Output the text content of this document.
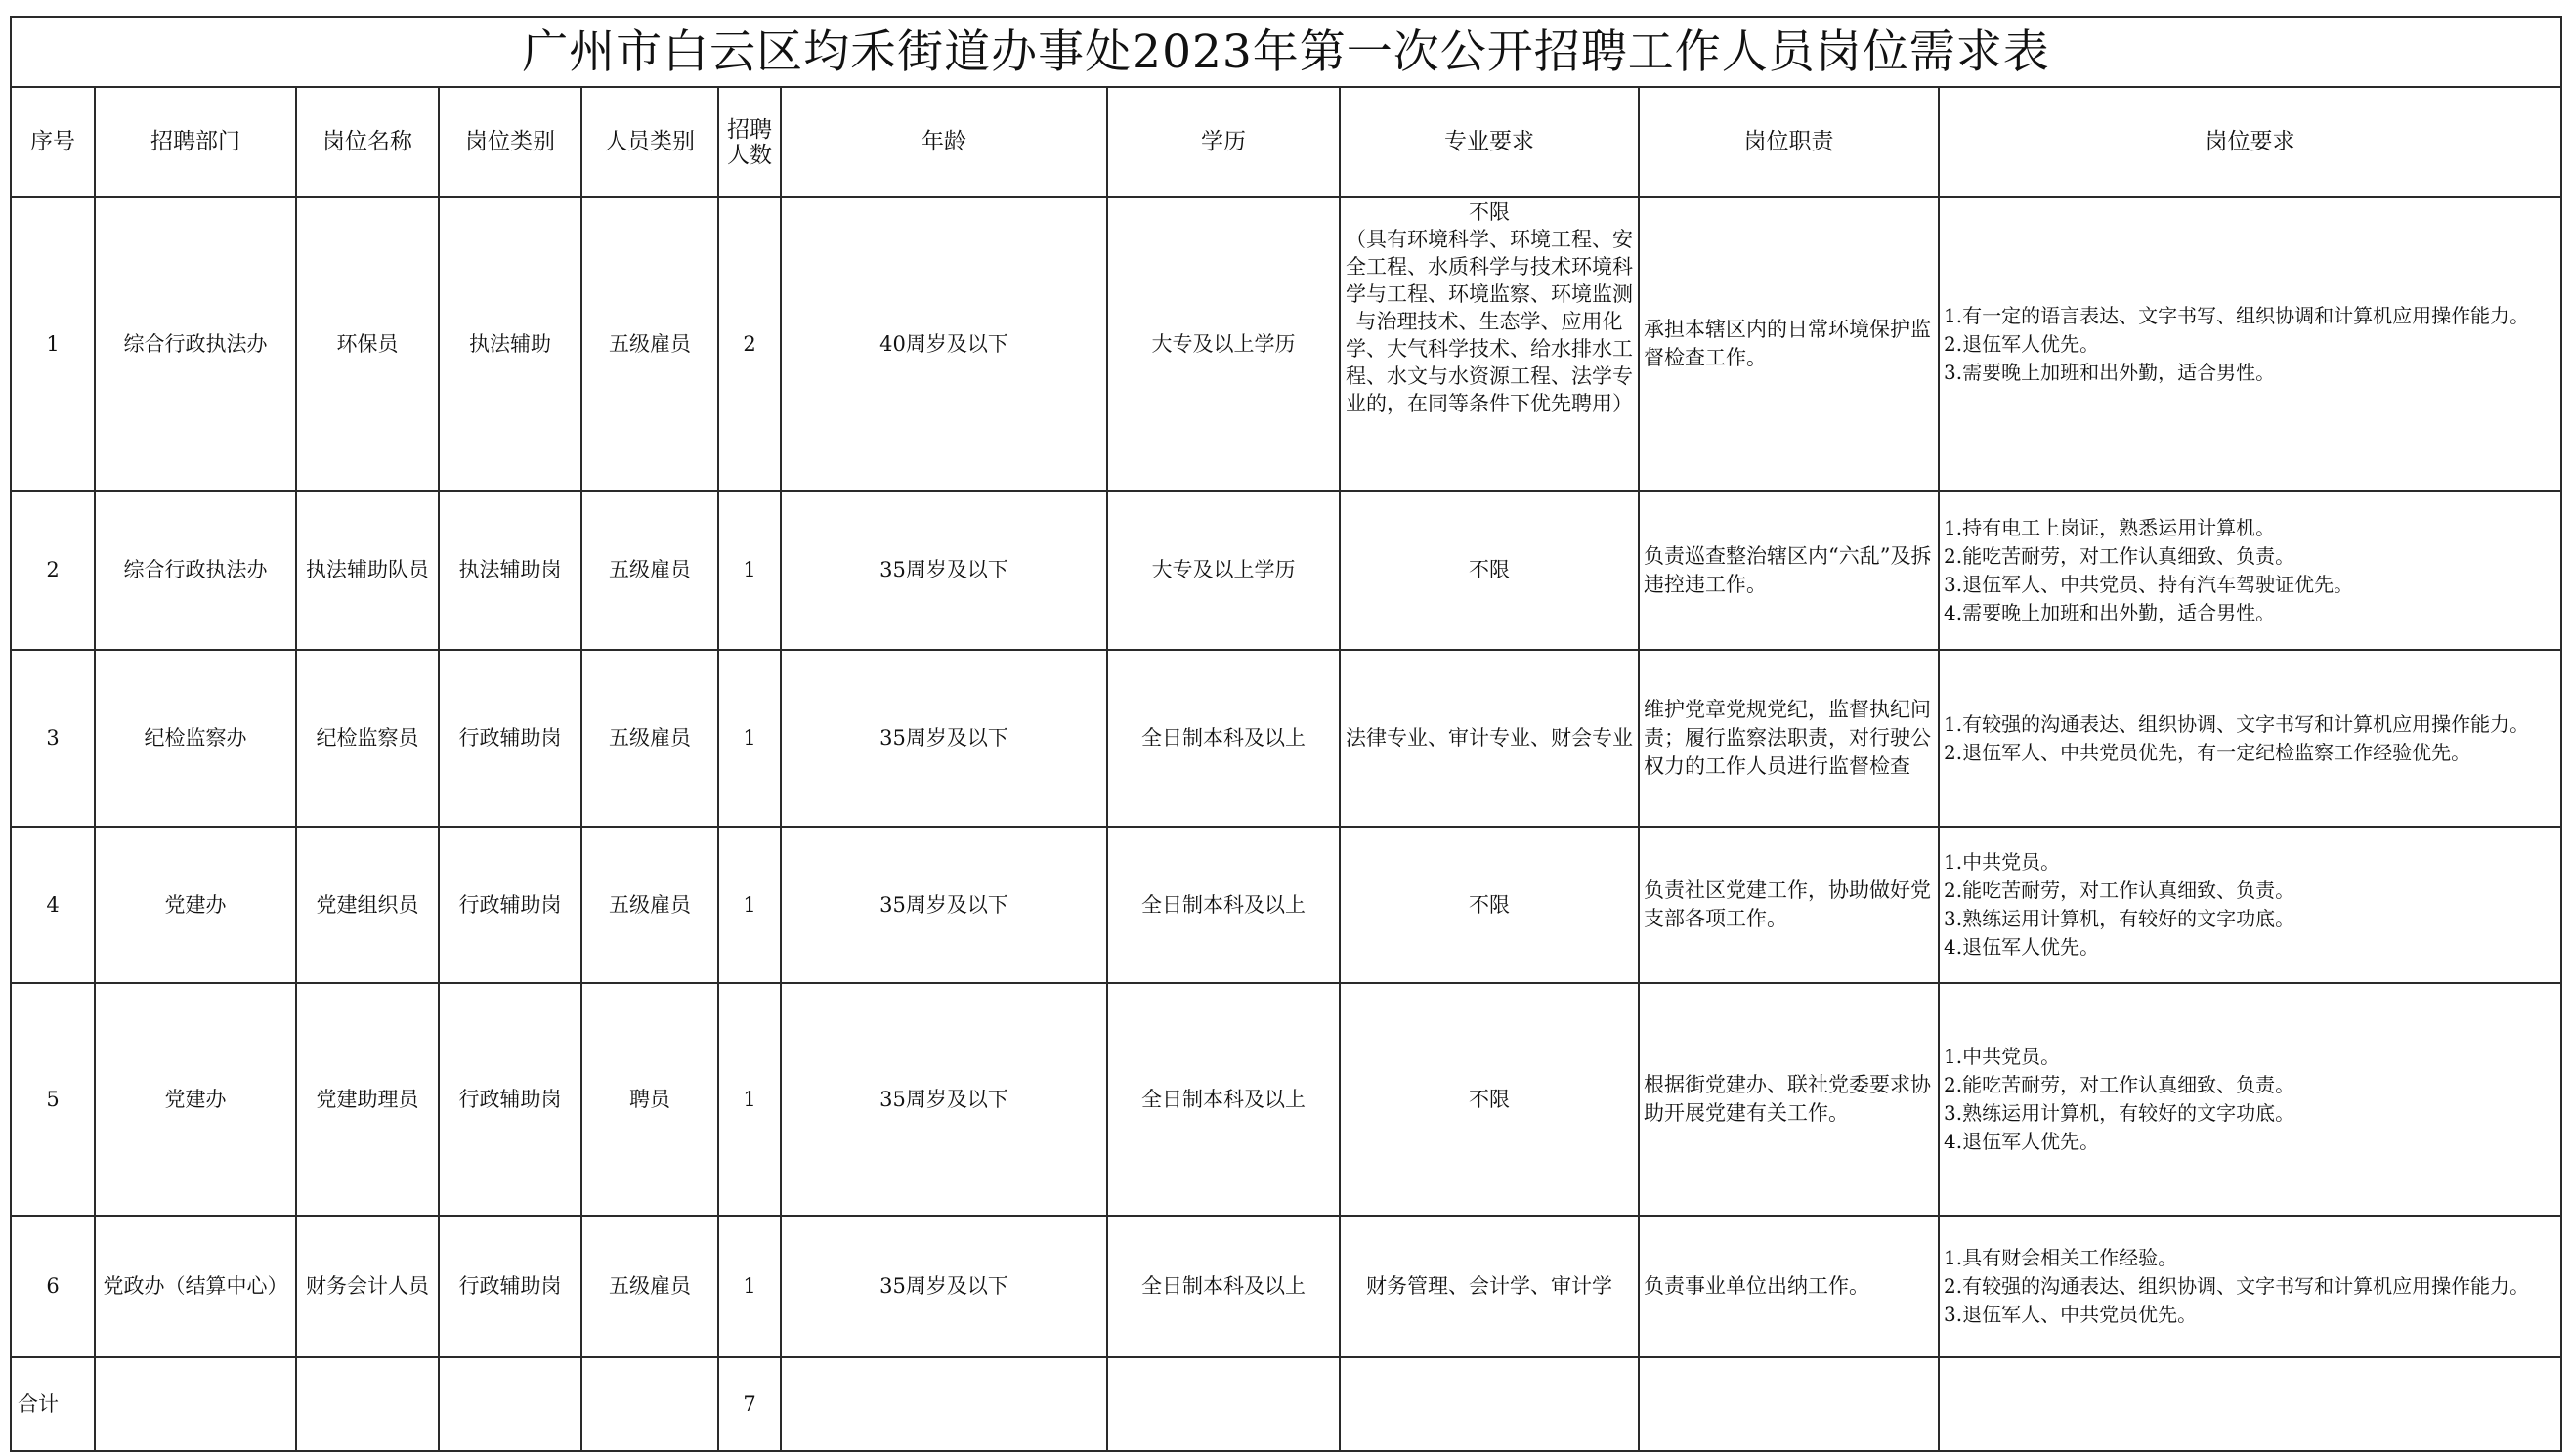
广州市白云区均禾街道办事处2023年第一次公开招聘工作人员岗位需求表										
序号	招聘部门	岗位名称	岗位类别	人员类别	招聘人数	年龄	学历	专业要求	岗位职责	岗位要求
1	综合行政执法办	环保员	执法辅助	五级雇员	2	40周岁及以下	大专及以上学历	不限
（具有环境科学、环境工程、安全工程、水质科学与技术环境科学与工程、环境监察、环境监测与治理技术、生态学、应用化学、大气科学技术、给水排水工程、水文与水资源工程、法学专业的，在同等条件下优先聘用）	承担本辖区内的日常环境保护监督检查工作。	1.有一定的语言表达、文字书写、组织协调和计算机应用操作能力。
2.退伍军人优先。
3.需要晚上加班和出外勤，适合男性。

2	综合行政执法办	执法辅助队员	执法辅助岗	五级雇员	1	35周岁及以下	大专及以上学历	不限	负责巡查整治辖区内“六乱”及拆违控违工作。	1.持有电工上岗证，熟悉运用计算机。
2.能吃苦耐劳，对工作认真细致、负责。
3.退伍军人、中共党员、持有汽车驾驶证优先。
4.需要晚上加班和出外勤，适合男性。

3	纪检监察办	纪检监察员	行政辅助岗	五级雇员	1	35周岁及以下	全日制本科及以上	法律专业、审计专业、财会专业	维护党章党规党纪，监督执纪问责；履行监察法职责，对行驶公权力的工作人员进行监督检查	1.有较强的沟通表达、组织协调、文字书写和计算机应用操作能力。
2.退伍军人、中共党员优先，有一定纪检监察工作经验优先。

4	党建办	党建组织员	行政辅助岗	五级雇员	1	35周岁及以下	全日制本科及以上	不限	负责社区党建工作，协助做好党支部各项工作。	1.中共党员。
2.能吃苦耐劳，对工作认真细致、负责。
3.熟练运用计算机，有较好的文字功底。
4.退伍军人优先。

5	党建办	党建助理员	行政辅助岗	聘员	1	35周岁及以下	全日制本科及以上	不限	根据街党建办、联社党委要求协助开展党建有关工作。	1.中共党员。
2.能吃苦耐劳，对工作认真细致、负责。
3.熟练运用计算机，有较好的文字功底。
4.退伍军人优先。

6	党政办（结算中心）	财务会计人员	行政辅助岗	五级雇员	1	35周岁及以下	全日制本科及以上	财务管理、会计学、审计学	负责事业单位出纳工作。	1.具有财会相关工作经验。
2.有较强的沟通表达、组织协调、文字书写和计算机应用操作能力。
3.退伍军人、中共党员优先。

合计					7					
